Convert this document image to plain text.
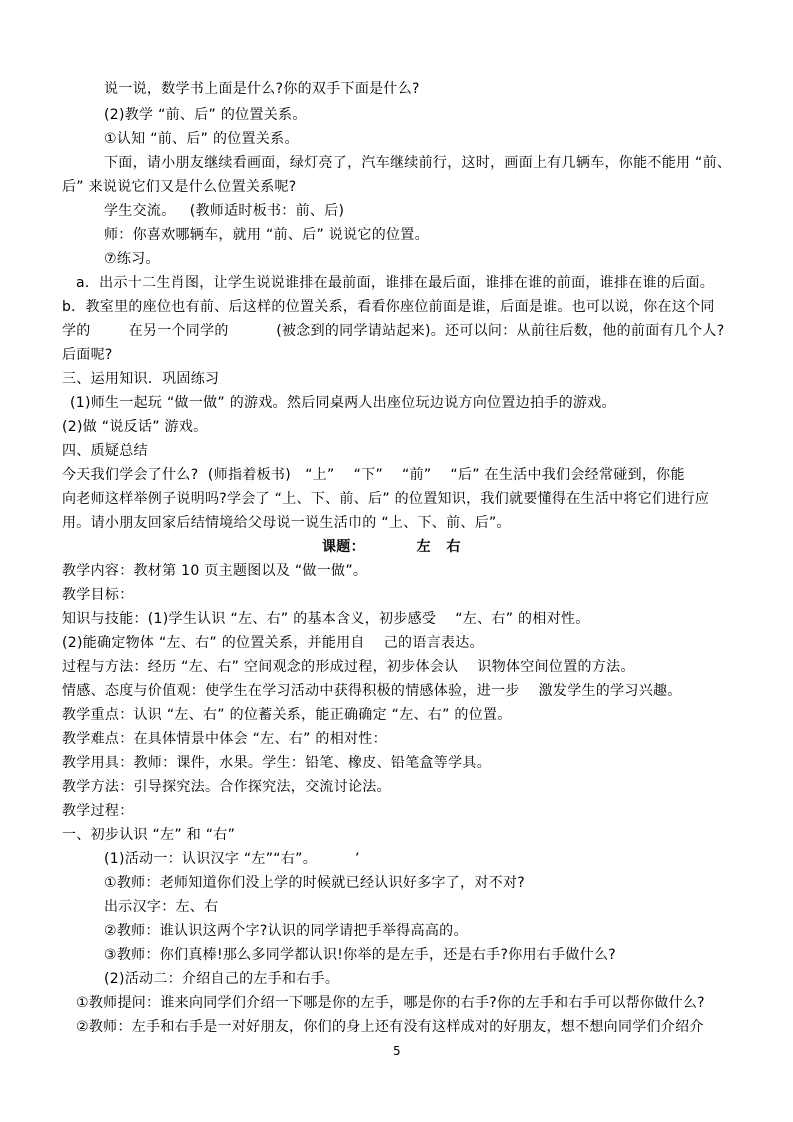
说一说，数学书上面是什么?你的双手下面是什么?
(2)教学 “前、后” 的位置关系。
①认知 “前、后” 的位置关系。
下面，请小朋友继续看画面，绿灯亮了，汽车继续前行，这时，画面上有几辆车，你能不能用 “前、
后” 来说说它们又是什么位置关系呢?
学生交流。   (教师适时板书：前、后)
师：你喜欢哪辆车，就用 “前、后” 说说它的位置。
⑦练习。
a．出示十二生肖图，让学生说说谁排在最前面，谁排在最后面，谁排在谁的前面，谁排在谁的后面。
b．教室里的座位也有前、后这样的位置关系，看看你座位前面是谁，后面是谁。也可以说，你在这个同
学的        在另一个同学的          (被念到的同学请站起来)。还可以问：从前往后数，他的前面有几个人?
后面呢?
三、运用知识．巩固练习
(1)师生一起玩 “做一做” 的游戏。然后同桌两人出座位玩边说方向位置边拍手的游戏。
(2)做 “说反话” 游戏。
四、质疑总结
今天我们学会了什么?  (师指着板书)   “上”    “下”    “前”    “后” 在生活中我们会经常碰到，你能
向老师这样举例子说明吗?学会了 “上、下、前、后” 的位置知识，我们就要懂得在生活中将它们进行应
用。请小朋友回家后结情境给父母说一说生活巾的 “上、下、前、后”。
课题：          左   右
教学内容：教材第 10 页主题图以及 “做一做”。
教学目标：
知识与技能：(1)学生认识 “左、右” 的基本含义，初步感受    “左、右” 的相对性。
(2)能确定物体 “左、右” 的位置关系，并能用自    己的语言表达。
过程与方法：经历 “左、右” 空间观念的形成过程，初步体会认    识物体空间位置的方法。
情感、态度与价值观：使学生在学习活动中获得积极的情感体验，进一步    激发学生的学习兴趣。
教学重点：认识 “左、右” 的位蓄关系，能正确确定 “左、右” 的位置。
教学难点：在具体情景中体会 “左、右” 的相对性：
教学用具：教师：课件，水果。学生：铅笔、橡皮、铅笔盒等学具。
教学方法：引导探究法。合作探究法，交流讨论法。
教学过程：
一、初步认识 “左” 和 “右”
(1)活动一：认识汉字 “左”“右”。        ’
①教师：老师知道你们没上学的时候就已经认识好多字了，对不对?
出示汉字：左、右
②教师：谁认识这两个字?认识的同学请把手举得高高的。
③教师：你们真棒!那么多同学都认识!你举的是左手，还是右手?你用右手做什么?
(2)活动二：介绍自己的左手和右手。
①教师提问：谁来向同学们介绍一下哪是你的左手，哪是你的右手?你的左手和右手可以帮你做什么?
②教师：左手和右手是一对好朋友，你们的身上还有没有这样成对的好朋友，想不想向同学们介绍介
5
